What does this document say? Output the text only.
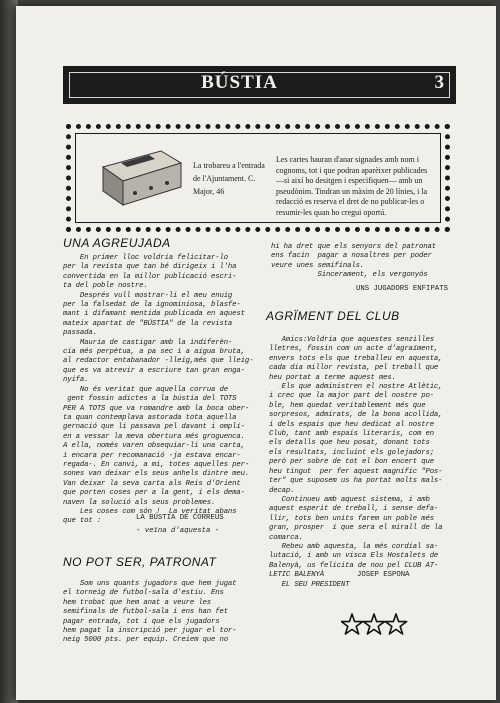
BÚSTIA	3
La trobareu a l'entrada de l'Ajuntament. C. Major, 46
Les cartes hauran d'anar signades amb nom i cognoms, tot i que podran aparèixer publicades —si així ho desitgen i especifiquen— amb un pseudònim. Tindran un màxim de 20 línies, i la redacció es reserva el dret de no publicar-les o resumir-les quan ho cregui oportú.
UNA AGREUJADA
En primer lloc voldria felicitar-lo
per la revista que tan bé dirigeix i l'ha
convertida en la millor publicació escri-
ta del poble nostre.
Després vull mostrar-li el meu enuig
per la falsedat de la ignominiosa, blasfe-
mant i difamant mentida publicada en aquest
mateix apartat de "BÚSTIA" de la revista
passada.
Mauria de castigar amb la indiferèn-
cia més perpètua, a pa sec i a aigua bruta,
al redactor entabanador -lleig,més que lleig-
que es va atrevir a escriure tan gran enga-
nyifa.
No és veritat que aquella corrua de
gent fossin adictes a la bústia del TOTS
PER A TOTS que va romandre amb la boca ober-
ta quan contemplava astorada tota aquella
gernació que li passava pel davant i omplí-
en a vessar la meva obertura més groguenca.
A ella, només varen obsequiar-li una carta,
i encara per recomanació -ja estava encar-
regada-. En canvi, a mi, totes aquelles per-
sones van deixar els seus anhels dintre meu.
Van deixar la seva carta als Reis d'Orient
que porten coses per a la gent, i els dema-
naven la solució als seus problemes.
Les coses com són !  La veritat abans
que tot :	LA BÚSTIA DE CORREUS
- veïna d'aquesta -
NO POT SER, PATRONAT
Som uns quants jugadors que hem jugat
el torneig de futbol-sala d'estiu. Ens
hem trobat que hem anat a veure les
semifinals de futbol-sala i ens han fet
pagar entrada, tot i que els jugadors
hem pagat la inscripció per jugar el tor-
neig 5000 pts. per equip. Creiem que no
hi ha dret que els senyors del patronat
ens facin  pagar a nosaltres per poder
veure unes semifinals.
Sincerament, els vergonyós
UNS JUGADORS ENFIPATS
AGRÏMENT DEL CLUB
Amics:Voldria que aquestes senzilles
lletres, fossin com un acte d'agraïment,
envers tots els que treballeu en aquesta,
cada dia millor revista, pel treball que
heu portat a terme aquest mes.
Els que administren el nostre Atlètic,
i crec que la major part del nostre po-
ble, hem quedat veritablement més que
sorpresos, admirats, de la bona acollida,
i dels espais que heu dedicat al nostre
Club, tant amb espais literaris, com en
els detalls que heu posat, donant tots
els resultats, incluint els golejadors;
però per sobre de tot el bon encert que
heu tingut  per fer aquest magnífic "Pos-
ter" que suposem us ha portat molts mals-
decap.
Continueu amb aquest sistema, i amb
aquest esperit de treball, i sense defa-
llir, tots ben units farem un poble més
gran, prosper  i que sera el mirall de la
comarca.
Rebeu amb aquesta, la més cordial sa-
lutació, i amb un visca Els Hostalets de
Balenyà, us felicita de nou pel CLUB AT-
LETIC BALENYÀ
EL SEU PRESIDENT
JOSEP ESPONA
